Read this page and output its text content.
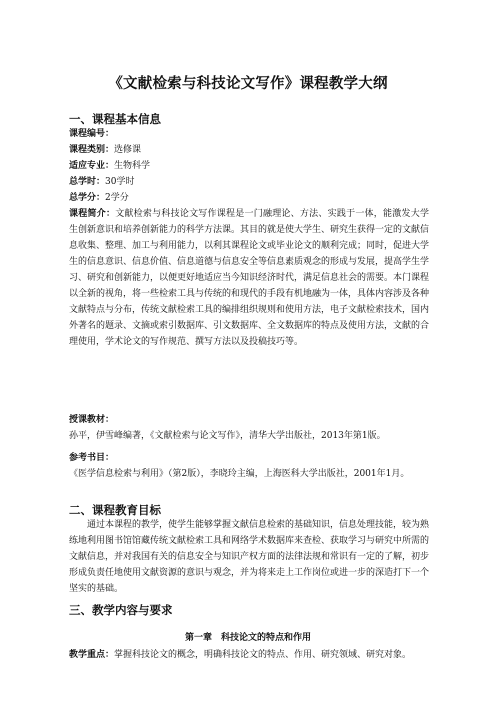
《文献检索与科技论文写作》课程教学大纲
一、课程基本信息
课程编号：
课程类别：选修课
适应专业：生物科学
总学时：30学时
总学分：2学分
课程简介：文献检索与科技论文写作课程是一门融理论、方法、实践于一体，能激发大学生创新意识和培养创新能力的科学方法课。其目的就是使大学生、研究生获得一定的文献信息收集、整理、加工与利用能力，以利其课程论文或毕业论文的顺利完成；同时，促进大学生的信息意识、信息价值、信息道德与信息安全等信息素质观念的形成与发展，提高学生学习、研究和创新能力，以便更好地适应当今知识经济时代，满足信息社会的需要。本门课程以全新的视角，将一些检索工具与传统的和现代的手段有机地融为一体，具体内容涉及各种文献特点与分布，传统文献检索工具的编排组织规则和使用方法，电子文献检索技术，国内外著名的题录、文摘或索引数据库、引文数据库、全文数据库的特点及使用方法，文献的合理使用，学术论文的写作规范、撰写方法以及投稿技巧等。
授课教材：
孙平，伊雪峰编著，《文献检索与论文写作》，清华大学出版社，2013年第1版。
参考书目：
《医学信息检索与利用》（第2版），李晓玲主编，上海医科大学出版社，2001年1月。
二、课程教育目标
通过本课程的教学，使学生能够掌握文献信息检索的基础知识，信息处理技能，较为熟练地利用图书馆馆藏传统文献检索工具和网络学术数据库来查检、获取学习与研究中所需的文献信息，并对我国有关的信息安全与知识产权方面的法律法规和常识有一定的了解，初步形成负责任地使用文献资源的意识与观念，并为将来走上工作岗位或进一步的深造打下一个坚实的基础。
三、教学内容与要求
第一章　科技论文的特点和作用
教学重点：掌握科技论文的概念，明确科技论文的特点、作用、研究领域、研究对象。
